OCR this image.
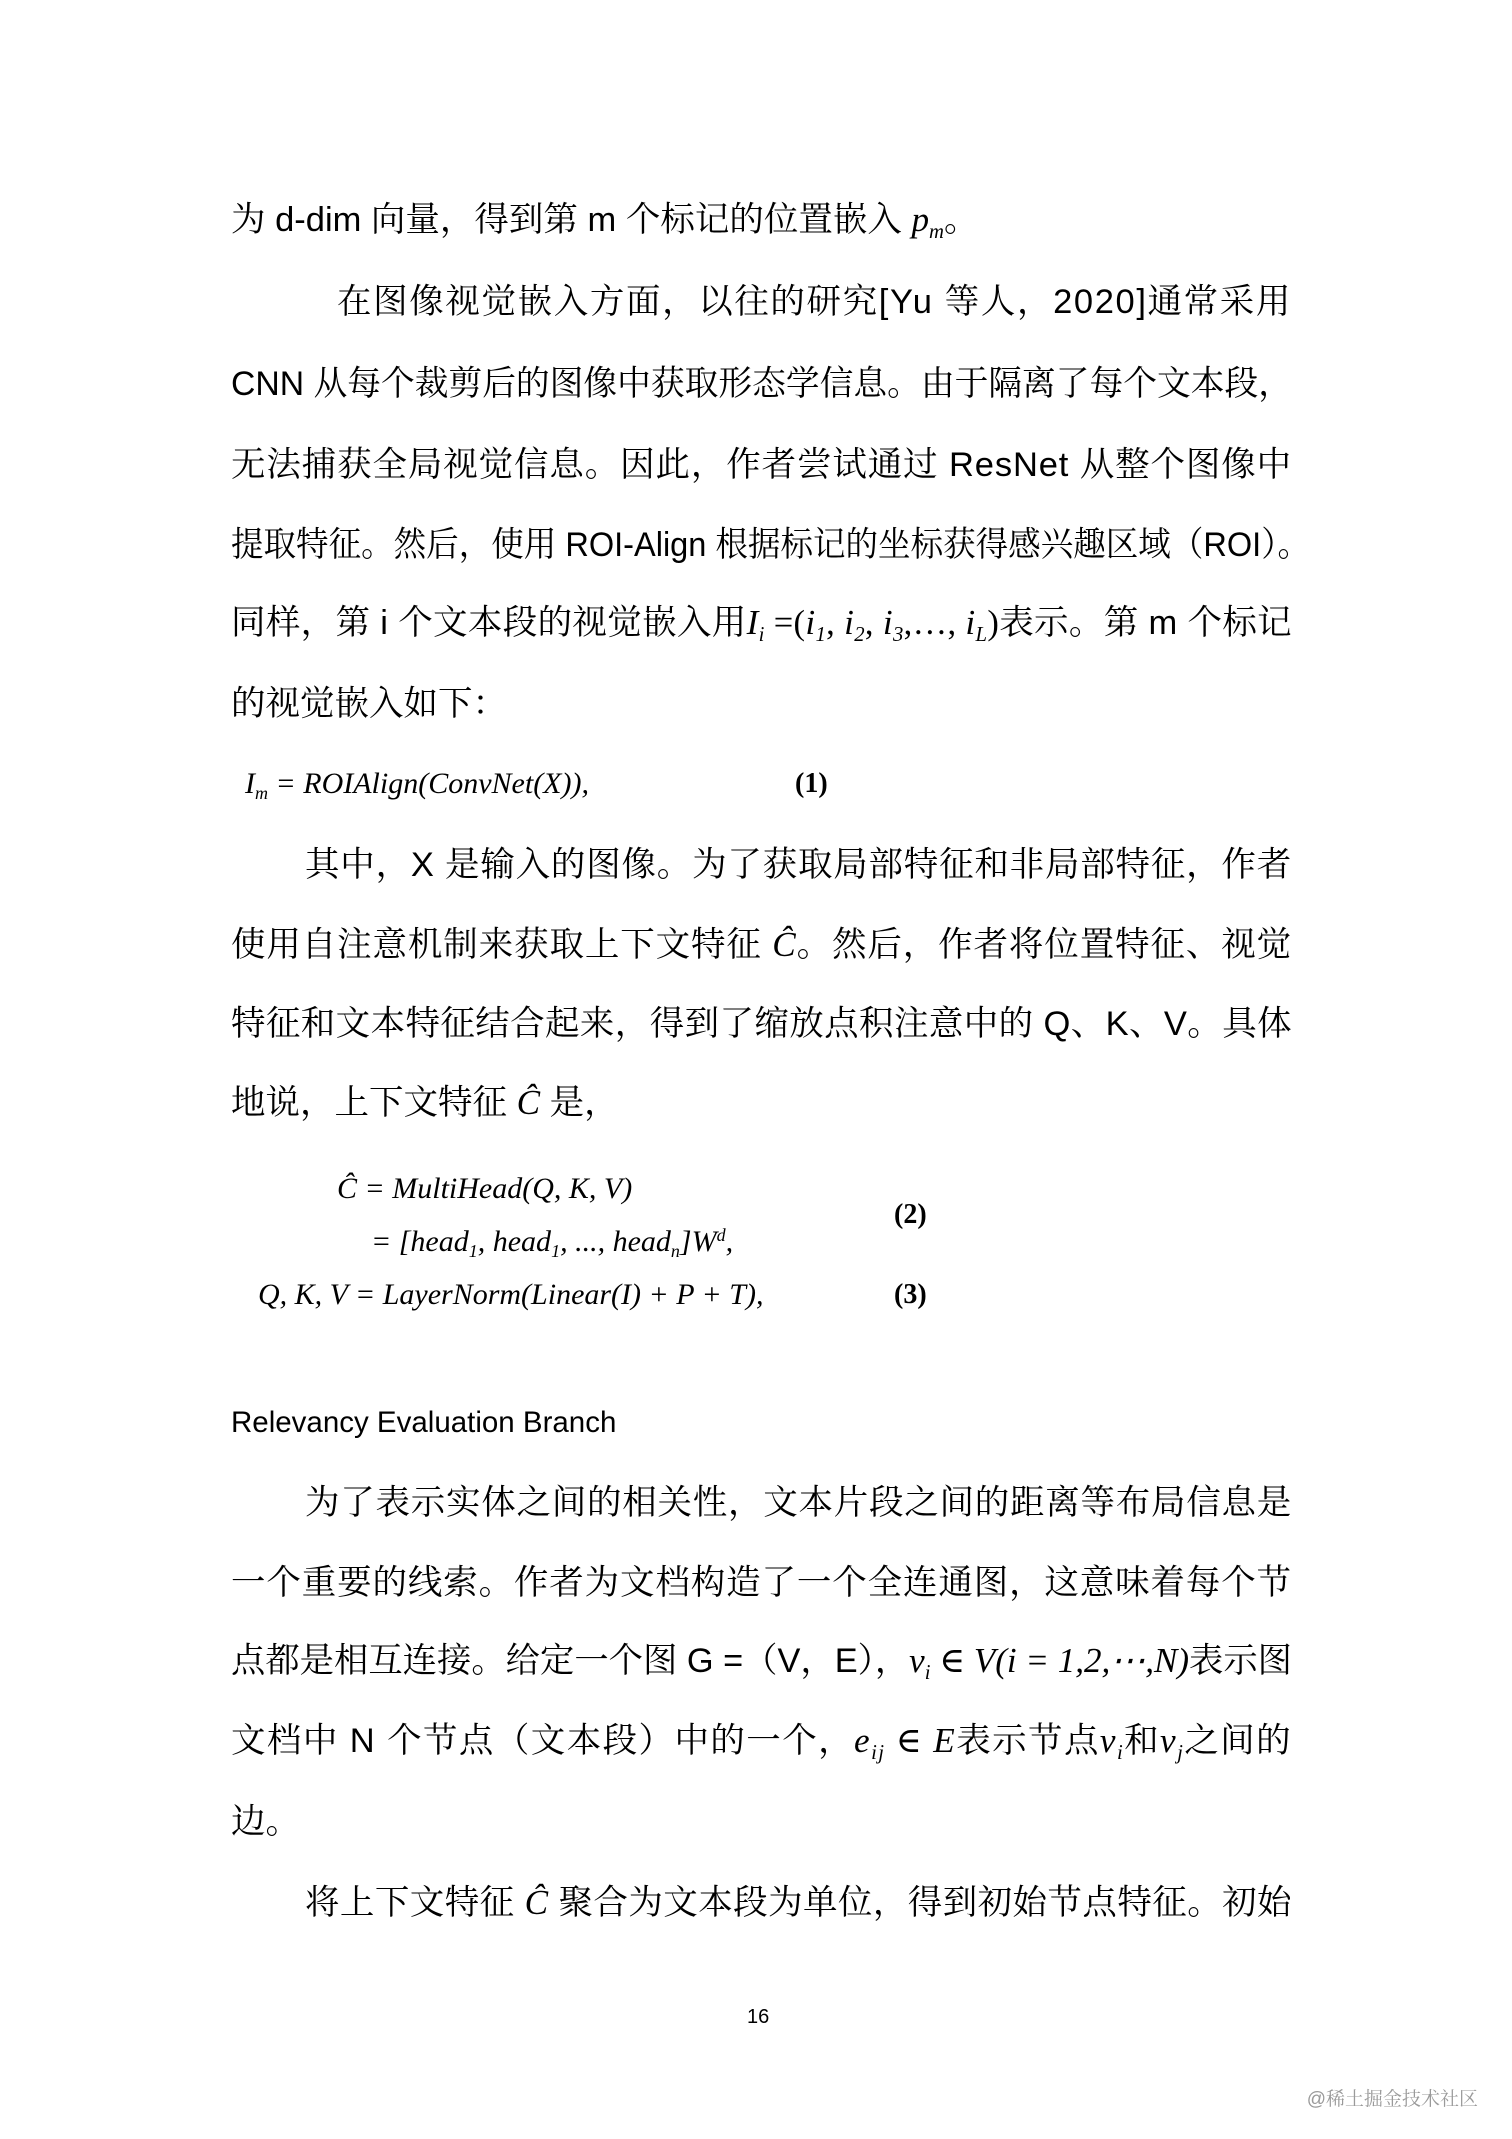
为 d-dim 向量，得到第 m 个标记的位置嵌入 $p_m$。
在图像视觉嵌入方面，以往的研究[Yu 等人，2020]通常采用
CNN 从每个裁剪后的图像中获取形态学信息。由于隔离了每个文本段，
无法捕获全局视觉信息。因此，作者尝试通过 ResNet 从整个图像中
提取特征。然后，使用 ROI-Align 根据标记的坐标获得感兴趣区域（ROI）。
同样，第 i 个文本段的视觉嵌入用$I_i =(i_1$, $i_2$, $i_3,\dots$, $i_L$)表示。第 m 个标记
的视觉嵌入如下：
$I_m$ = ROIAlign(ConvNet(X)),	(1)
其中，X 是输入的图像。为了获取局部特征和非局部特征，作者
使用自注意机制来获取上下文特征 Ĉ。然后，作者将位置特征、视觉
特征和文本特征结合起来，得到了缩放点积注意中的 Q、K、V。具体
地说，上下文特征 Ĉ 是，
Ĉ = MultiHead(Q, K, V)
= [head$_1$, head$_1$, ..., $head_n]W^d$,
(2)
Q, K, V = LayerNorm(Linear(I) + P + T),	(3)
Relevancy Evaluation Branch
为了表示实体之间的相关性，文本片段之间的距离等布局信息是
一个重要的线索。作者为文档构造了一个全连通图，这意味着每个节
点都是相互连接。给定一个图 G =（V，E），$v_i$ ∈ V(i = 1,2,⋯,N)表示图
文档中 N 个节点（文本段）中的一个，$e_{ij}$ ∈ E表示节点$v_i$和$v_j$之间的
边。
将上下文特征 Ĉ 聚合为文本段为单位，得到初始节点特征。初始
16
@稀土掘金技术社区
